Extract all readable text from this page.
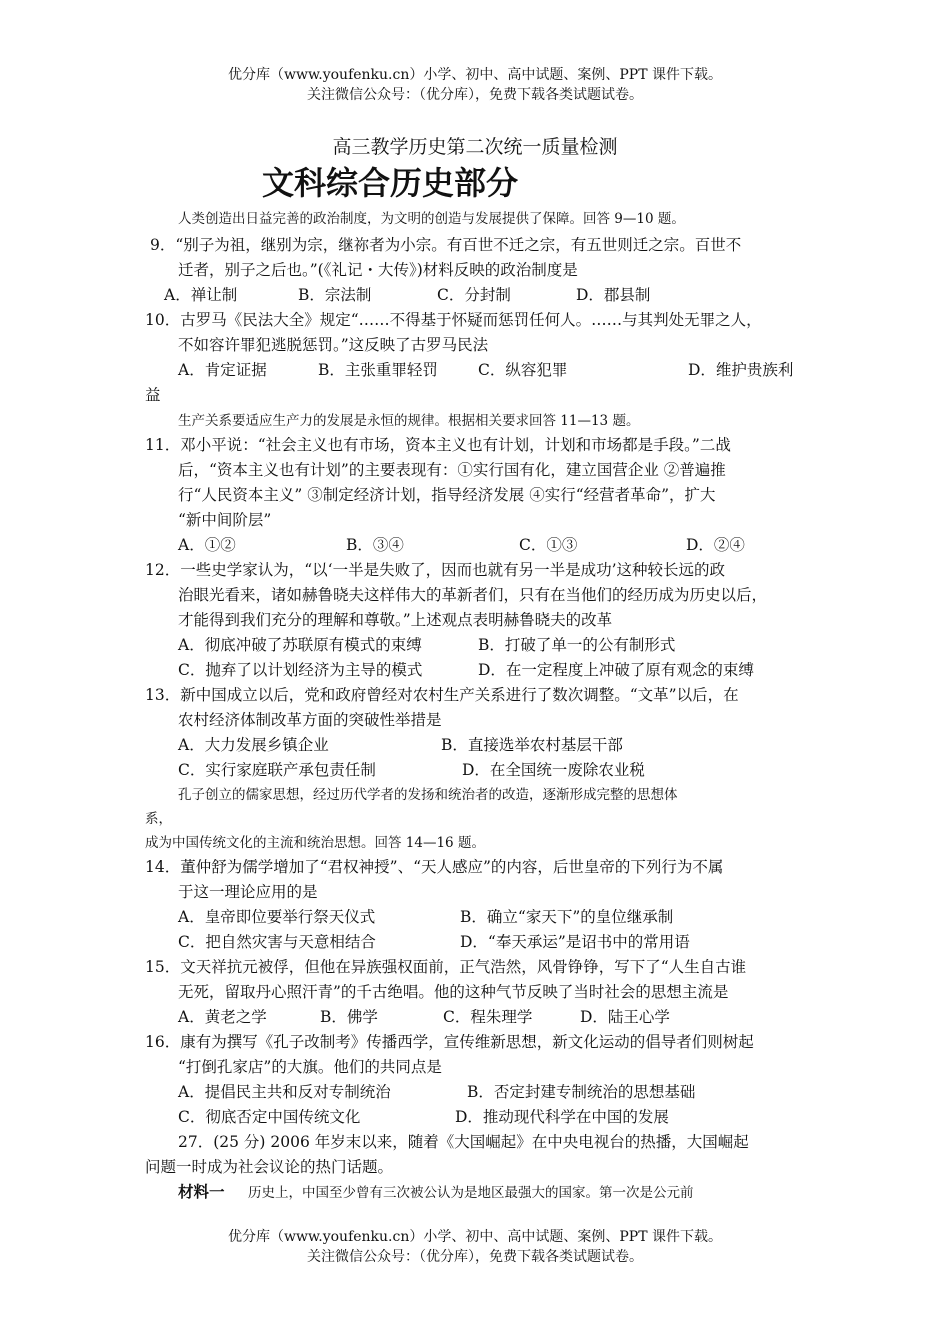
优分库（www.youfenku.cn）小学、初中、高中试题、案例、PPT 课件下载。
关注微信公众号：（优分库），免费下载各类试题试卷。
高三教学历史第二次统一质量检测
文科综合历史部分
人类创造出日益完善的政治制度，为文明的创造与发展提供了保障。回答 9—10 题。
9．“别子为祖，继别为宗，继祢者为小宗。有百世不迁之宗，有五世则迁之宗。百世不
迁者，别子之后也。”(《礼记・大传》)材料反映的政治制度是
A．禅让制	B．宗法制	C．分封制	D．郡县制
10．古罗马《民法大全》规定“……不得基于怀疑而惩罚任何人。……与其判处无罪之人，
不如容许罪犯逃脱惩罚。”这反映了古罗马民法
A．肯定证据	B．主张重罪轻罚	C．纵容犯罪	D．维护贵族利
益
生产关系要适应生产力的发展是永恒的规律。根据相关要求回答 11—13 题。
11．邓小平说：“社会主义也有市场，资本主义也有计划，计划和市场都是手段。”二战
后，“资本主义也有计划”的主要表现有：①实行国有化，建立国营企业 ②普遍推
行“人民资本主义” ③制定经济计划，指导经济发展 ④实行“经营者革命”，扩大
“新中间阶层”
A．①②	B．③④	C．①③	D．②④
12．一些史学家认为，“以‘一半是失败了，因而也就有另一半是成功’这种较长远的政
治眼光看来，诸如赫鲁晓夫这样伟大的革新者们，只有在当他们的经历成为历史以后，
才能得到我们充分的理解和尊敬。”上述观点表明赫鲁晓夫的改革
A．彻底冲破了苏联原有模式的束缚	B．打破了单一的公有制形式
C．抛弃了以计划经济为主导的模式	D．在一定程度上冲破了原有观念的束缚
13．新中国成立以后，党和政府曾经对农村生产关系进行了数次调整。“文革”以后，在
农村经济体制改革方面的突破性举措是
A．大力发展乡镇企业	B．直接选举农村基层干部
C．实行家庭联产承包责任制	D．在全国统一废除农业税
孔子创立的儒家思想，经过历代学者的发扬和统治者的改造，逐渐形成完整的思想体
系，
成为中国传统文化的主流和统治思想。回答 14—16 题。
14．董仲舒为儒学增加了“君权神授”、“天人感应”的内容，后世皇帝的下列行为不属
于这一理论应用的是
A．皇帝即位要举行祭天仪式	B．确立“家天下”的皇位继承制
C．把自然灾害与天意相结合	D．“奉天承运”是诏书中的常用语
15．文天祥抗元被俘，但他在异族强权面前，正气浩然，风骨铮铮，写下了“人生自古谁
无死，留取丹心照汗青”的千古绝唱。他的这种气节反映了当时社会的思想主流是
A．黄老之学	B．佛学	C．程朱理学	D．陆王心学
16．康有为撰写《孔子改制考》传播西学，宣传维新思想，新文化运动的倡导者们则树起
“打倒孔家店”的大旗。他们的共同点是
A．提倡民主共和反对专制统治	B．否定封建专制统治的思想基础
C．彻底否定中国传统文化	D．推动现代科学在中国的发展
27．(25 分) 2006 年岁末以来，随着《大国崛起》在中央电视台的热播，大国崛起
问题一时成为社会议论的热门话题。
材料一 历史上，中国至少曾有三次被公认为是地区最强大的国家。第一次是公元前
优分库（www.youfenku.cn）小学、初中、高中试题、案例、PPT 课件下载。
关注微信公众号：（优分库），免费下载各类试题试卷。
